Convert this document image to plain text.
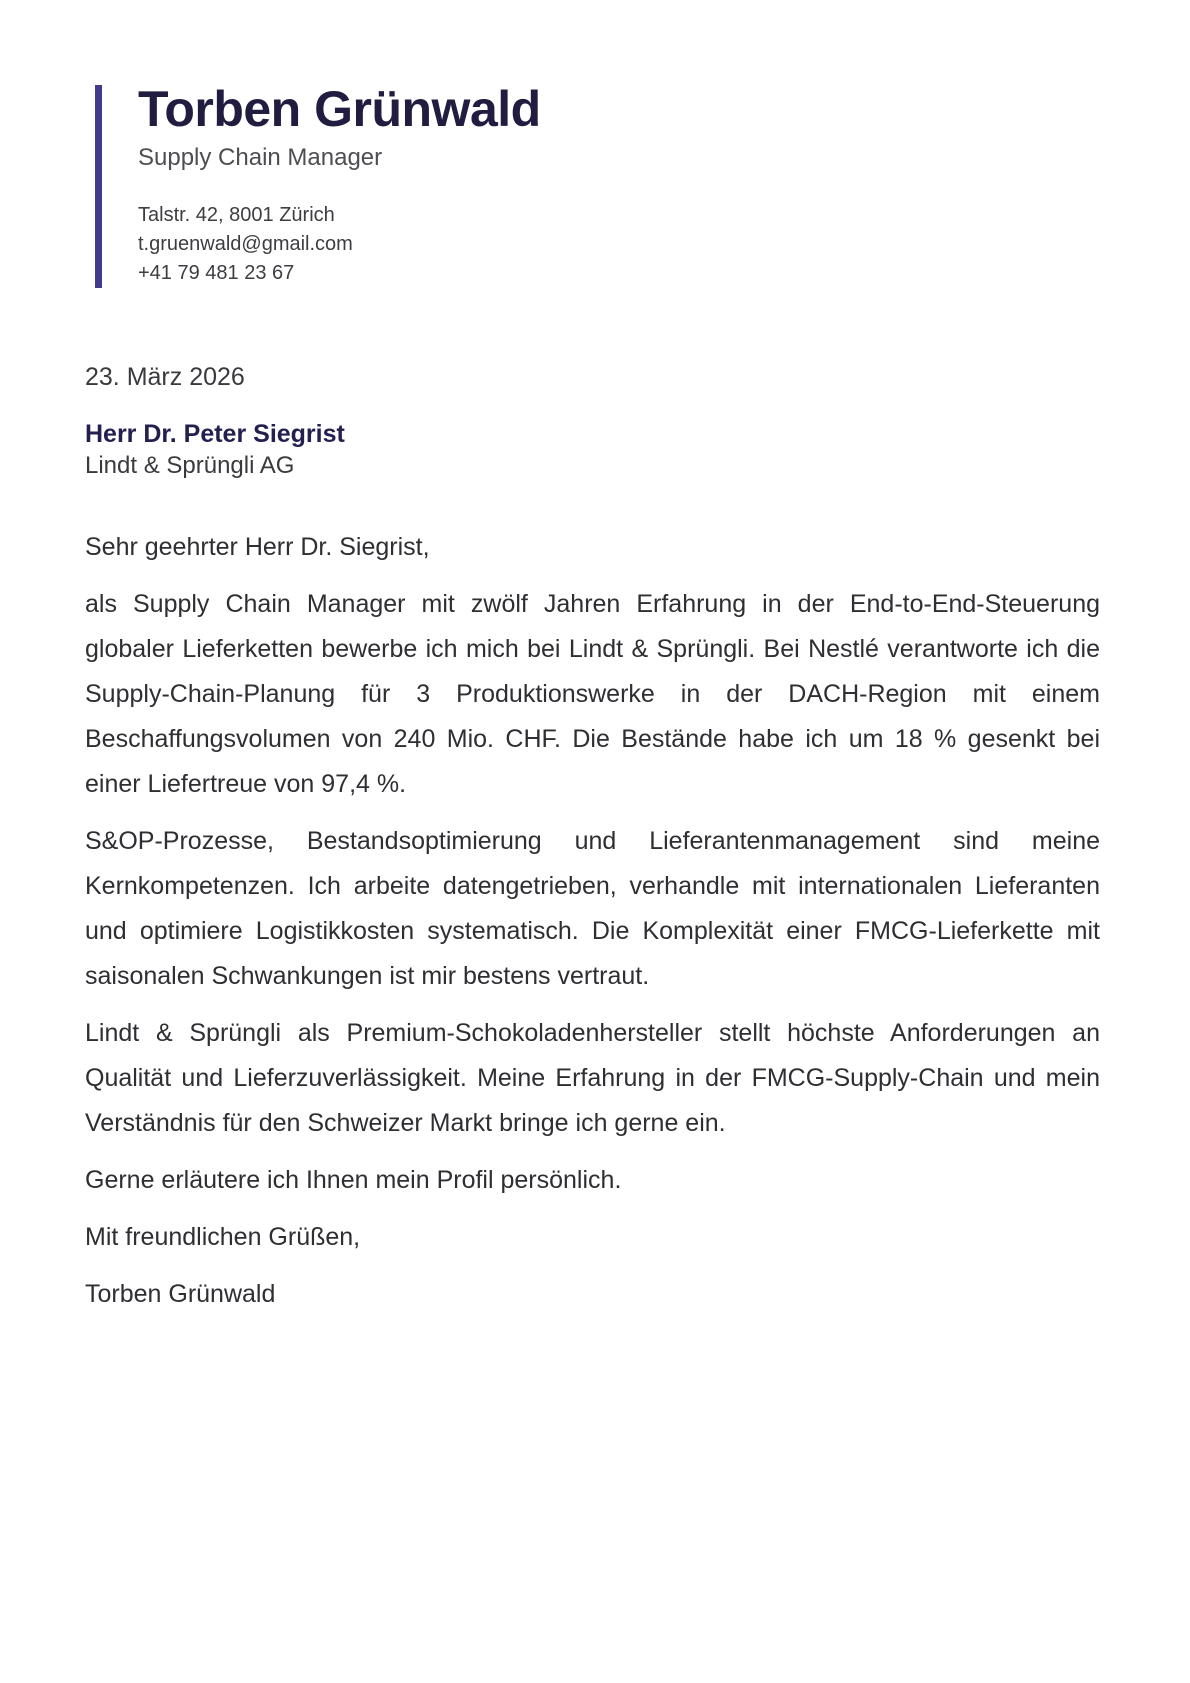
Torben Grünwald
Supply Chain Manager
Talstr. 42, 8001 Zürich
t.gruenwald@gmail.com
+41 79 481 23 67
23. März 2026
Herr Dr. Peter Siegrist
Lindt & Sprüngli AG

Sehr geehrter Herr Dr. Siegrist,

als Supply Chain Manager mit zwölf Jahren Erfahrung in der End-to-End-Steuerung globaler Lieferketten bewerbe ich mich bei Lindt & Sprüngli. Bei Nestlé verantworte ich die Supply-Chain-Planung für 3 Produktionswerke in der DACH-Region mit einem Beschaffungsvolumen von 240 Mio. CHF. Die Bestände habe ich um 18 % gesenkt bei einer Liefertreue von 97,4 %.

S&OP-Prozesse, Bestandsoptimierung und Lieferantenmanagement sind meine Kernkompetenzen. Ich arbeite datengetrieben, verhandle mit internationalen Lieferanten und optimiere Logistikkosten systematisch. Die Komplexität einer FMCG-Lieferkette mit saisonalen Schwankungen ist mir bestens vertraut.

Lindt & Sprüngli als Premium-Schokoladenhersteller stellt höchste Anforderungen an Qualität und Lieferzuverlässigkeit. Meine Erfahrung in der FMCG-Supply-Chain und mein Verständnis für den Schweizer Markt bringe ich gerne ein.

Gerne erläutere ich Ihnen mein Profil persönlich.

Mit freundlichen Grüßen,

Torben Grünwald
